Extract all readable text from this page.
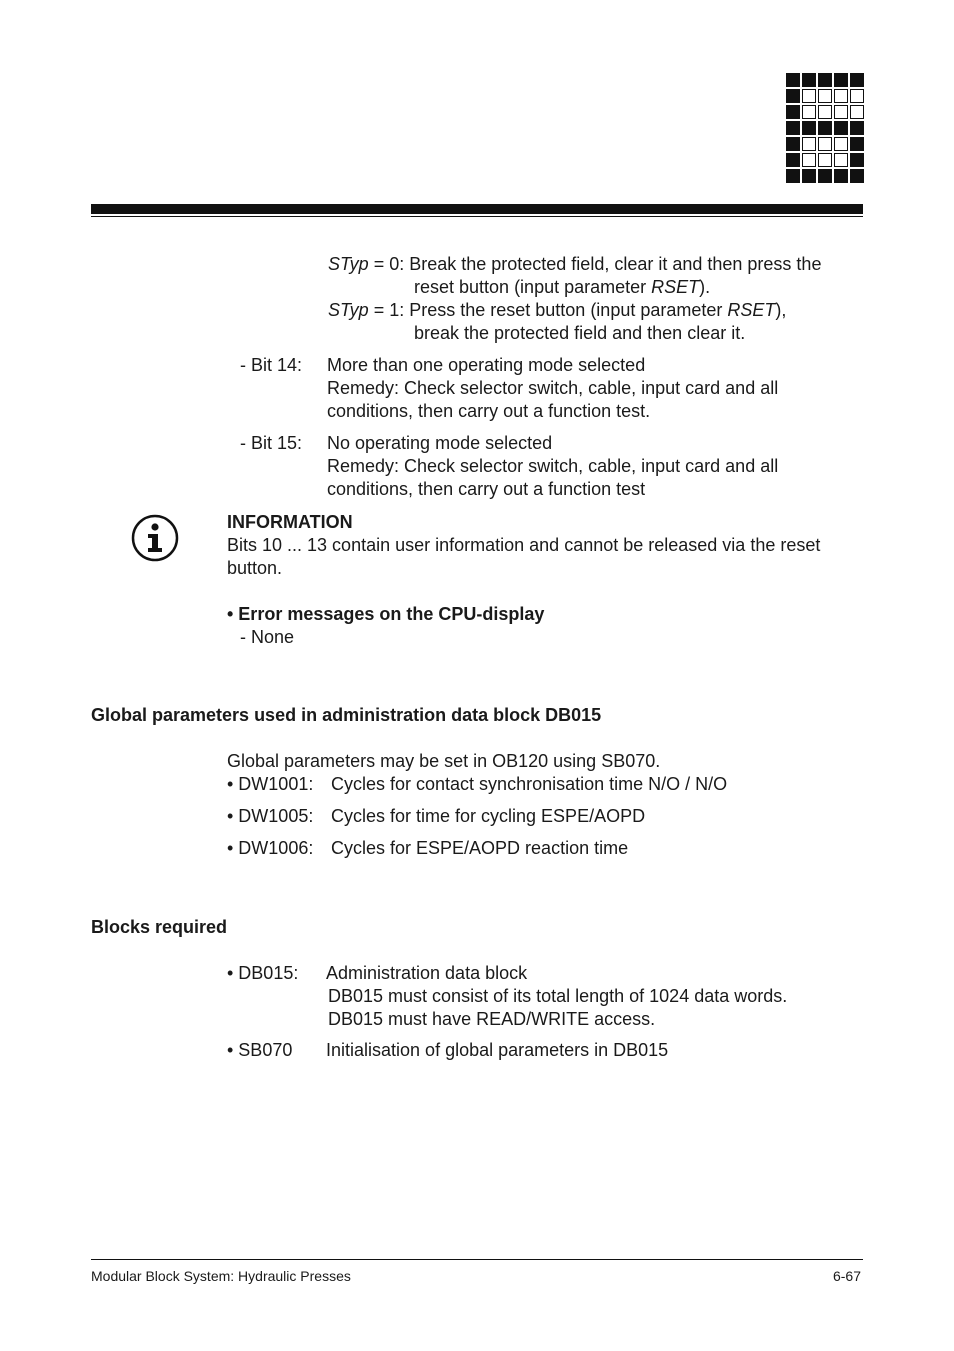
STyp = 0: Break the protected field, clear it and then press the
reset button (input parameter RSET).
STyp = 1: Press the reset button (input parameter RSET),
break the protected field and then clear it.
- Bit 14: More than one operating mode selected
Remedy: Check selector switch, cable, input card and all
conditions, then carry out a function test.
- Bit 15: No operating mode selected
Remedy: Check selector switch, cable, input card and all
conditions, then carry out a function test
INFORMATION
Bits 10 ... 13 contain user information and cannot be released via the reset
button.
• Error messages on the CPU-display
- None
Global parameters used in administration data block DB015
Global parameters may be set in OB120 using SB070.
• DW1001: Cycles for contact synchronisation time N/O / N/O
• DW1005: Cycles for time for cycling ESPE/AOPD
• DW1006: Cycles for ESPE/AOPD reaction time
Blocks required
• DB015: Administration data block
DB015 must consist of its total length of 1024 data words.
DB015 must have READ/WRITE access.
• SB070 Initialisation of global parameters in DB015
Modular Block System: Hydraulic Presses	6-67
